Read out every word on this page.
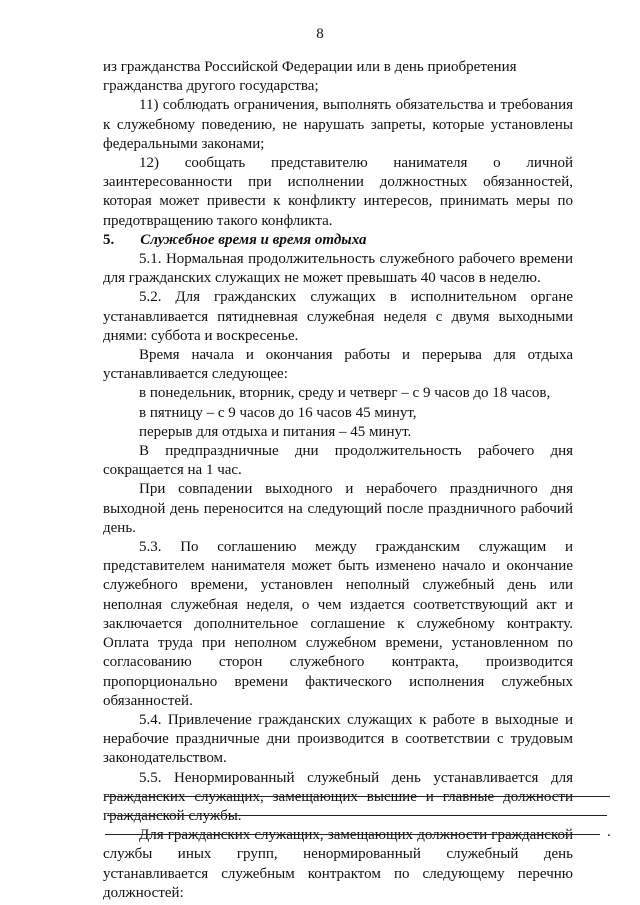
8

из гражданства Российской Федерации или в день приобретения гражданства другого государства;

11) соблюдать ограничения, выполнять обязательства и требования к служебному поведению, не нарушать запреты, которые установлены федеральными законами;

12) сообщать представителю нанимателя о личной заинтересованности при исполнении должностных обязанностей, которая может привести к конфликту интересов, принимать меры по предотвращению такого конфликта.

5. Служебное время и время отдыха

5.1. Нормальная продолжительность служебного рабочего времени для гражданских служащих не может превышать 40 часов в неделю.

5.2. Для гражданских служащих в исполнительном органе устанавливается пятидневная служебная неделя с двумя выходными днями: суббота и воскресенье.

Время начала и окончания работы и перерыва для отдыха устанавливается следующее:

в понедельник, вторник, среду и четверг – с 9 часов до 18 часов,

в пятницу – с 9 часов до 16 часов 45 минут,

перерыв для отдыха и питания – 45 минут.

В предпраздничные дни продолжительность рабочего дня сокращается на 1 час.

При совпадении выходного и нерабочего праздничного дня выходной день переносится на следующий после праздничного рабочий день.

5.3. По соглашению между гражданским служащим и представителем нанимателя может быть изменено начало и окончание служебного времени, установлен неполный служебный день или неполная служебная неделя, о чем издается соответствующий акт и заключается дополнительное соглашение к служебному контракту. Оплата труда при неполном служебном времени, установленном по согласованию сторон служебного контракта, производится пропорционально времени фактического исполнения служебных обязанностей.

5.4. Привлечение гражданских служащих к работе в выходные и нерабочие праздничные дни производится в соответствии с трудовым законодательством.

5.5. Ненормированный служебный день устанавливается для гражданских служащих, замещающих высшие и главные должности гражданской службы.

Для гражданских служащих, замещающих должности гражданской службы иных групп, ненормированный служебный день устанавливается служебным контрактом по следующему перечню должностей:

.
